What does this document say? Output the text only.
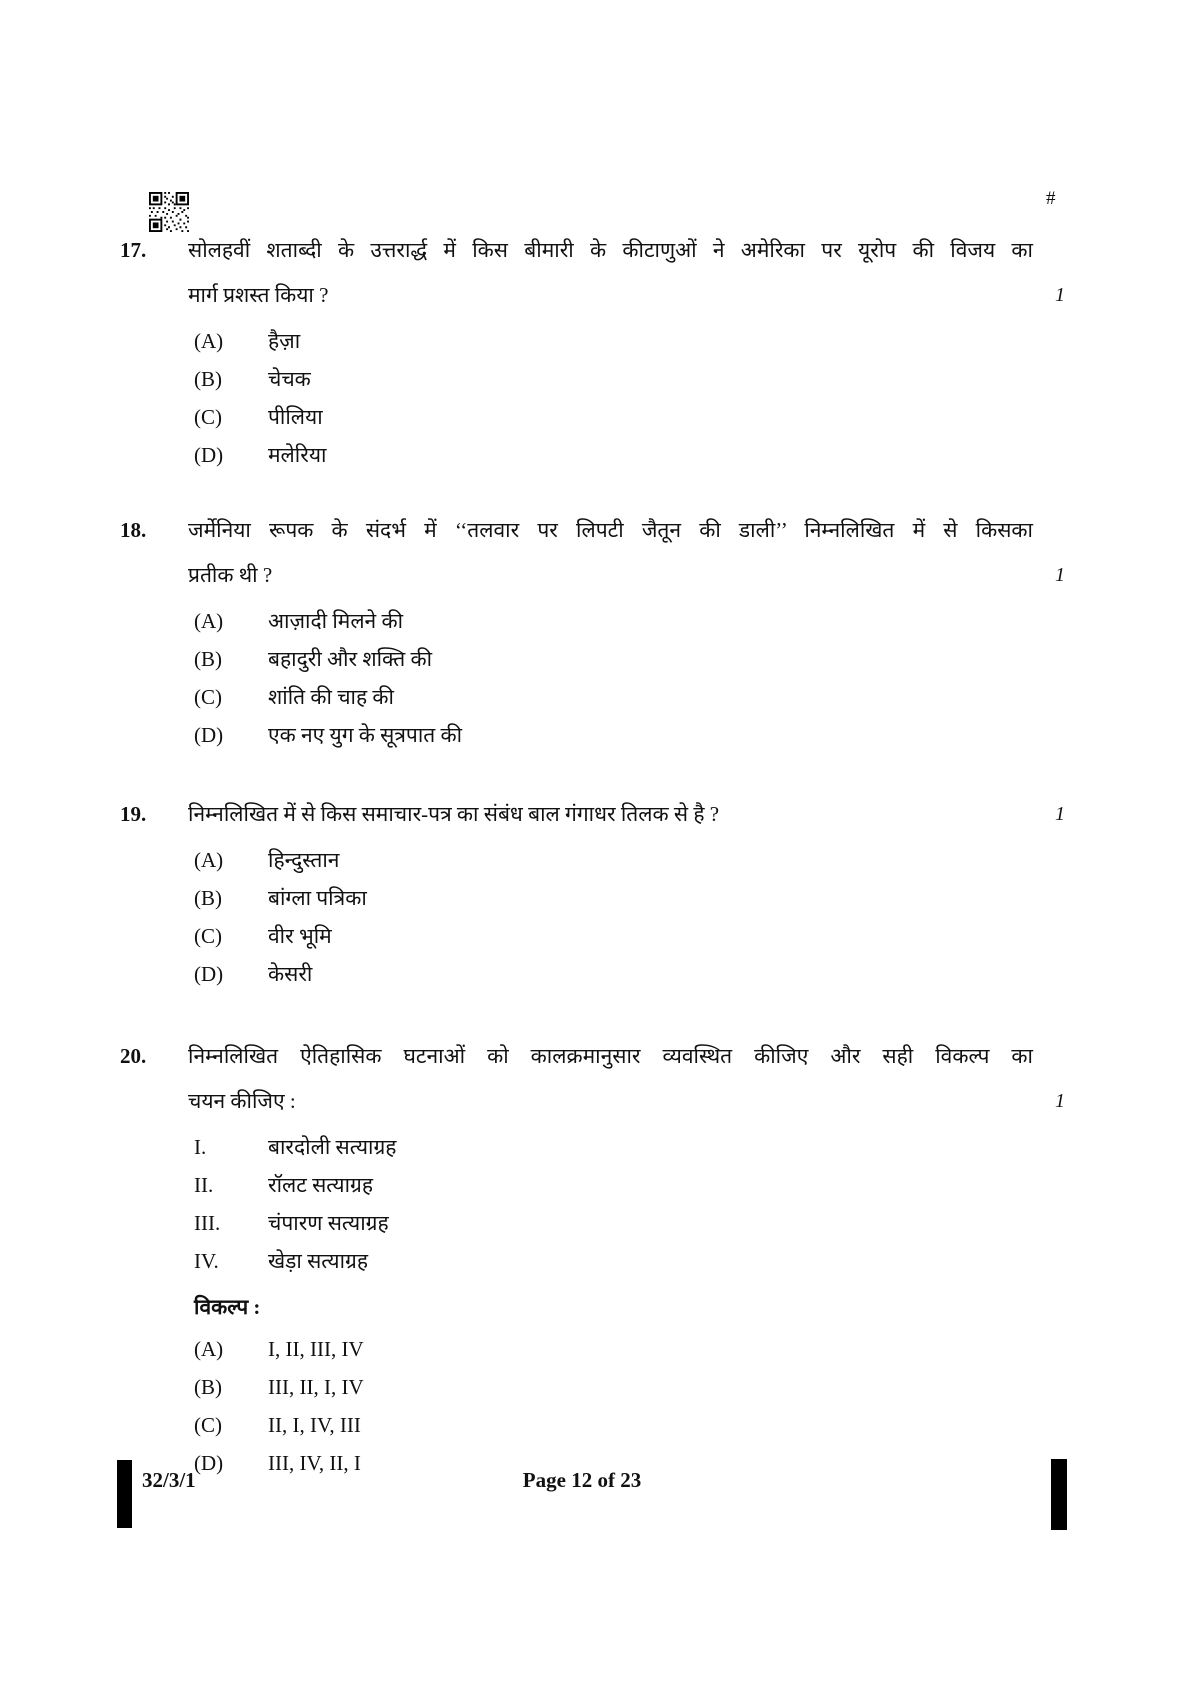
#
17. सोलहवीं शताब्दी के उत्तरार्द्ध में किस बीमारी के कीटाणुओं ने अमेरिका पर यूरोप की विजय का
मार्ग प्रशस्त किया ?	1
(A)	हैज़ा
(B)	चेचक
(C)	पीलिया
(D)	मलेरिया
18. जर्मेनिया रूपक के संदर्भ में ‘‘तलवार पर लिपटी जैतून की डाली’’ निम्नलिखित में से किसका
प्रतीक थी ?	1
(A)	आज़ादी मिलने की
(B)	बहादुरी और शक्ति की
(C)	शांति की चाह की
(D)	एक नए युग के सूत्रपात की
19. निम्नलिखित में से किस समाचार-पत्र का संबंध बाल गंगाधर तिलक से है ?	1
(A)	हिन्दुस्तान
(B)	बांग्ला पत्रिका
(C)	वीर भूमि
(D)	केसरी
20. निम्नलिखित ऐतिहासिक घटनाओं को कालक्रमानुसार व्यवस्थित कीजिए और सही विकल्प का
चयन कीजिए :	1
I.	बारदोली सत्याग्रह
II.	रॉलट सत्याग्रह
III.	चंपारण सत्याग्रह
IV.	खेड़ा सत्याग्रह
विकल्प :
(A)	I, II, III, IV
(B)	III, II, I, IV
(C)	II, I, IV, III
(D)	III, IV, II, I
32/3/1	Page 12 of 23
